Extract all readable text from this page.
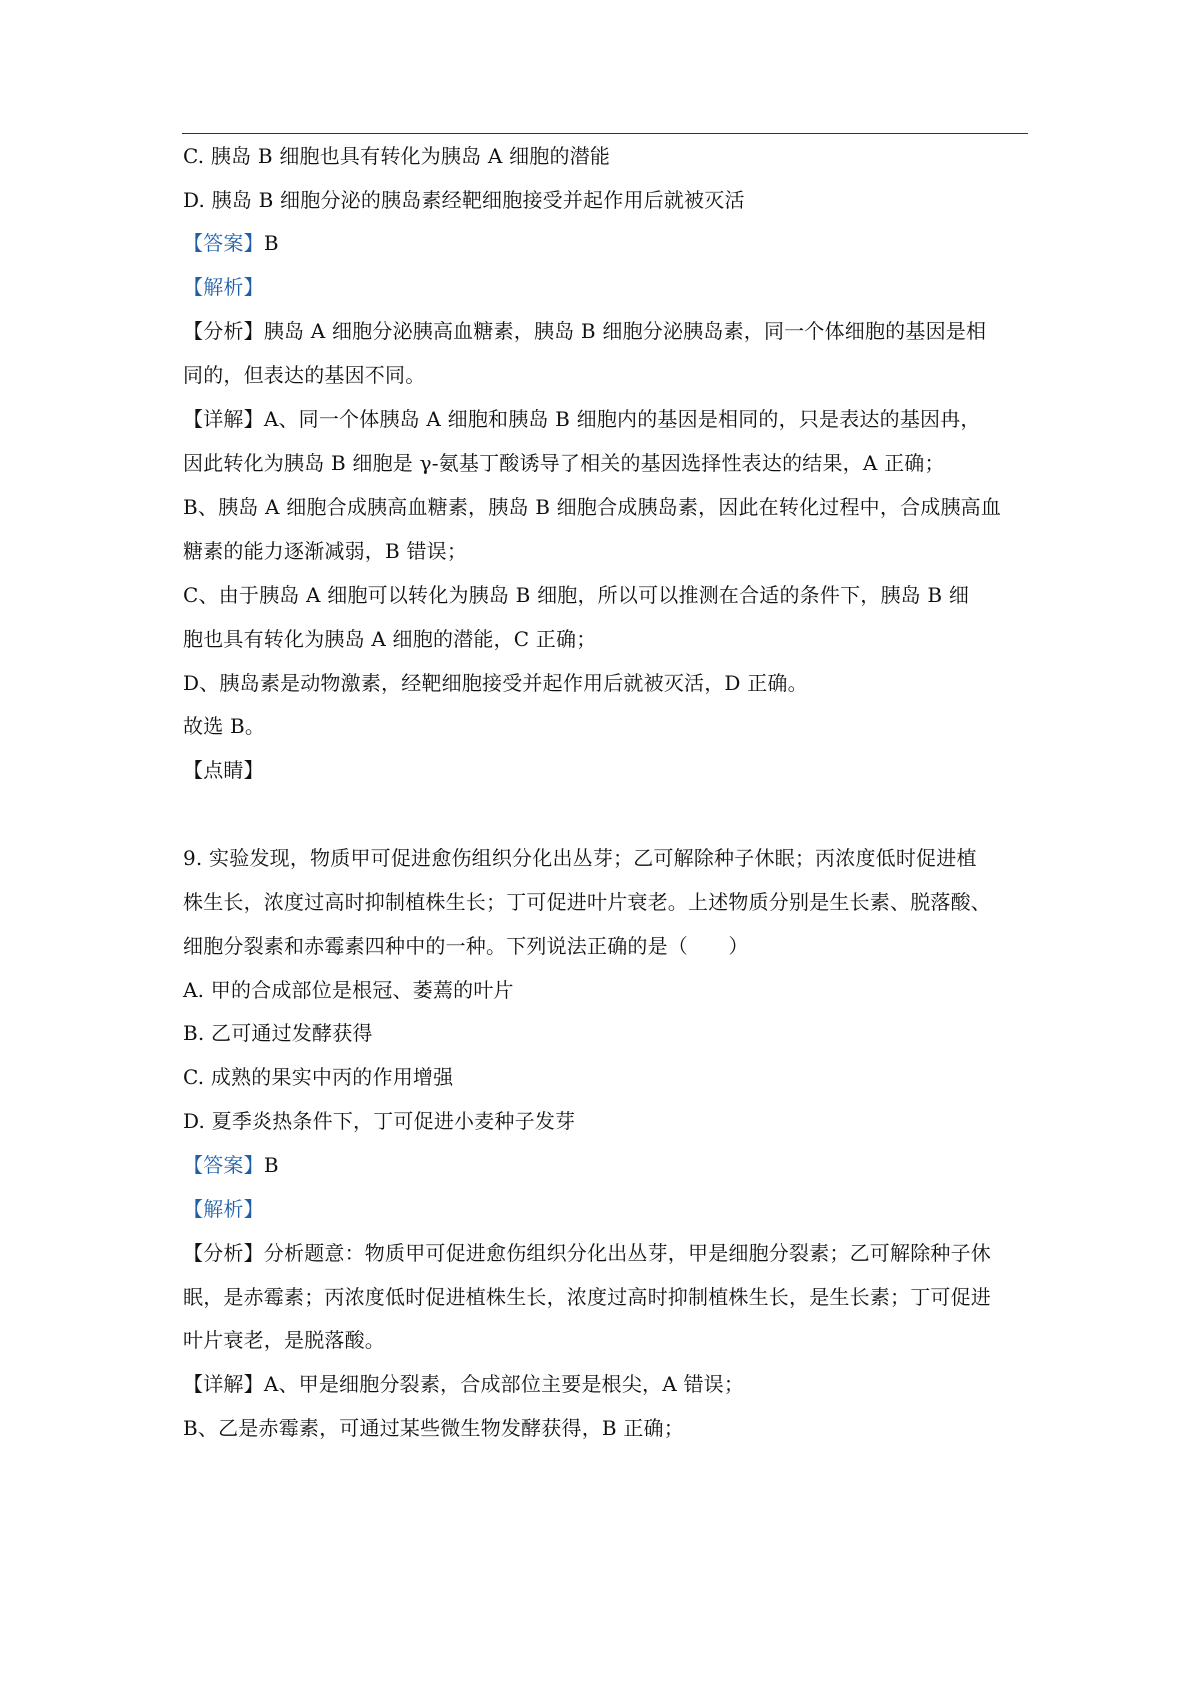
C. 胰岛 B 细胞也具有转化为胰岛 A 细胞的潜能
D. 胰岛 B 细胞分泌的胰岛素经靶细胞接受并起作用后就被灭活
【答案】B
【解析】
【分析】胰岛 A 细胞分泌胰高血糖素，胰岛 B 细胞分泌胰岛素，同一个体细胞的基因是相
同的，但表达的基因不同。
【详解】A、同一个体胰岛 A 细胞和胰岛 B 细胞内的基因是相同的，只是表达的基因冉，
因此转化为胰岛 B 细胞是 γ-氨基丁酸诱导了相关的基因选择性表达的结果，A 正确；
B、胰岛 A 细胞合成胰高血糖素，胰岛 B 细胞合成胰岛素，因此在转化过程中，合成胰高血
糖素的能力逐渐减弱，B 错误；
C、由于胰岛 A 细胞可以转化为胰岛 B 细胞，所以可以推测在合适的条件下，胰岛 B 细
胞也具有转化为胰岛 A 细胞的潜能，C 正确；
D、胰岛素是动物激素，经靶细胞接受并起作用后就被灭活，D 正确。
故选 B。
【点睛】
9. 实验发现，物质甲可促进愈伤组织分化出丛芽；乙可解除种子休眠；丙浓度低时促进植
株生长，浓度过高时抑制植株生长；丁可促进叶片衰老。上述物质分别是生长素、脱落酸、
细胞分裂素和赤霉素四种中的一种。下列说法正确的是（　　）
A. 甲的合成部位是根冠、萎蔫的叶片
B. 乙可通过发酵获得
C. 成熟的果实中丙的作用增强
D. 夏季炎热条件下，丁可促进小麦种子发芽
【答案】B
【解析】
【分析】分析题意：物质甲可促进愈伤组织分化出丛芽，甲是细胞分裂素；乙可解除种子休
眠，是赤霉素；丙浓度低时促进植株生长，浓度过高时抑制植株生长，是生长素；丁可促进
叶片衰老，是脱落酸。
【详解】A、甲是细胞分裂素，合成部位主要是根尖，A 错误；
B、乙是赤霉素，可通过某些微生物发酵获得，B 正确；
